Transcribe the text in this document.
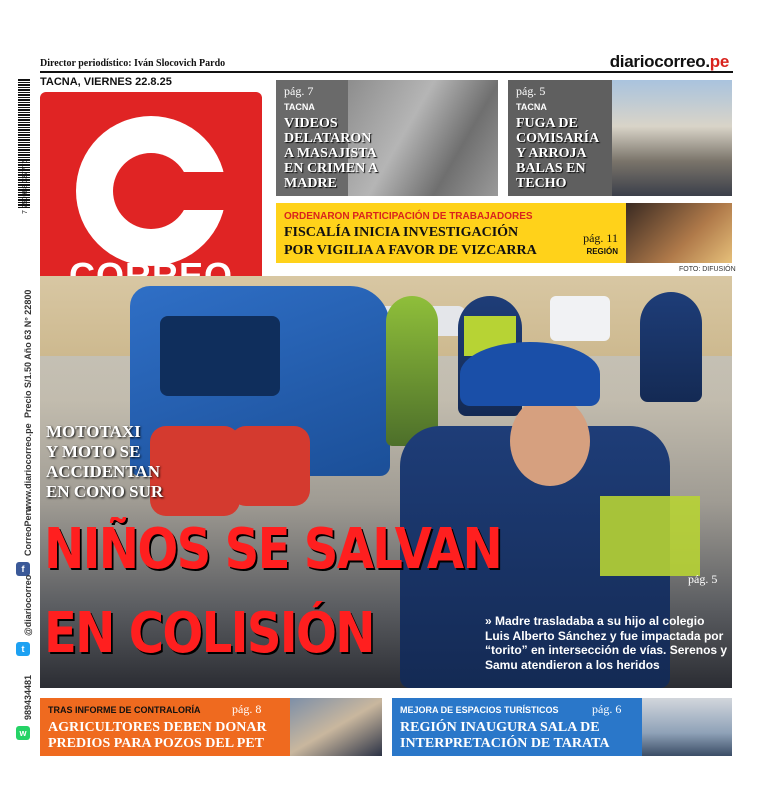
Director periodístico: Iván Slocovich Pardo	diariocorreo.pe
TACNA, VIERNES 22.8.25
7 750968 137776
Precio S/1.50 Año 63 N° 22800
www.diariocorreo.pe
f
CorreoPeru
t
@diariocorreo
w
989434481
pág. 7
TACNA
VIDEOS
DELATARON
A MASAJISTA
EN CRIMEN A
MADRE
pág. 5
TACNA
FUGA DE
COMISARÍA
Y ARROJA
BALAS EN
TECHO
ORDENARON PARTICIPACIÓN DE TRABAJADORES
FISCALÍA INICIA INVESTIGACIÓN
POR VIGILIA A FAVOR DE VIZCARRA
pág. 11
REGIÓN
FOTO: DIFUSIÓN
MOTOTAXI
Y MOTO SE
ACCIDENTAN
EN CONO SUR
NIÑOS SE SALVAN
EN COLISIÓN
pág. 5
» Madre trasladaba a su hijo al colegio Luis Alberto Sánchez y fue impactada por “torito” en intersección de vías. Serenos y Samu atendieron a los heridos
TRAS INFORME DE CONTRALORÍA	pág. 8
AGRICULTORES DEBEN DONAR
PREDIOS PARA POZOS DEL PET
MEJORA DE ESPACIOS TURÍSTICOS	pág. 6
REGIÓN INAUGURA SALA DE
INTERPRETACIÓN DE TARATA
